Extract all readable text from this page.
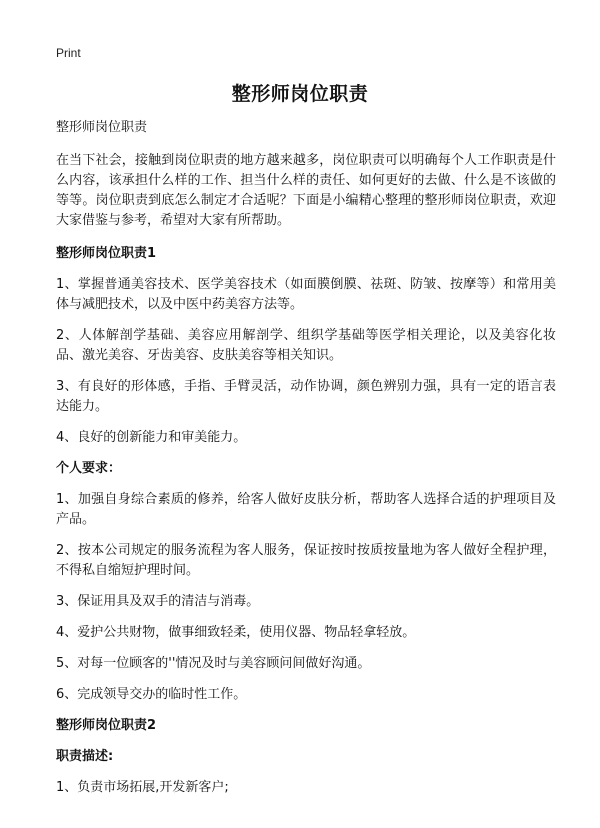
Print
整形师岗位职责

整形师岗位职责

在当下社会，接触到岗位职责的地方越来越多，岗位职责可以明确每个人工作职责是什么内容，该承担什么样的工作、担当什么样的责任、如何更好的去做、什么是不该做的等等。岗位职责到底怎么制定才合适呢？下面是小编精心整理的整形师岗位职责，欢迎大家借鉴与参考，希望对大家有所帮助。

整形师岗位职责1

1、掌握普通美容技术、医学美容技术（如面膜倒膜、祛斑、防皱、按摩等）和常用美体与减肥技术，以及中医中药美容方法等。

2、人体解剖学基础、美容应用解剖学、组织学基础等医学相关理论，以及美容化妆品、激光美容、牙齿美容、皮肤美容等相关知识。

3、有良好的形体感，手指、手臂灵活，动作协调，颜色辨别力强，具有一定的语言表达能力。

4、良好的创新能力和审美能力。

个人要求：

1、加强自身综合素质的修养，给客人做好皮肤分析，帮助客人选择合适的护理项目及产品。

2、按本公司规定的服务流程为客人服务，保证按时按质按量地为客人做好全程护理，不得私自缩短护理时间。

3、保证用具及双手的清洁与消毒。

4、爱护公共财物，做事细致轻柔，使用仪器、物品轻拿轻放。

5、对每一位顾客的''情况及时与美容顾问间做好沟通。

6、完成领导交办的临时性工作。

整形师岗位职责2

职责描述:

1、负责市场拓展,开发新客户;
